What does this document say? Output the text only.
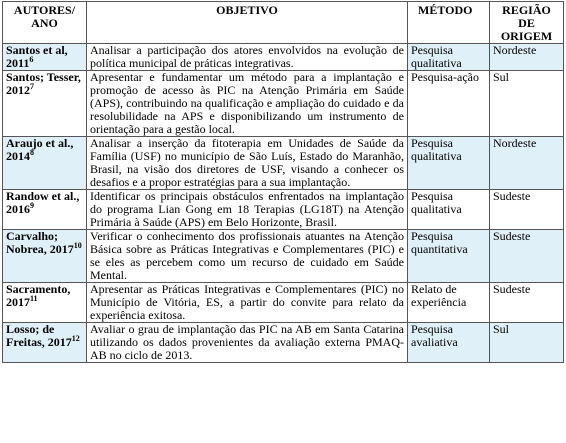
AUTORES/ ANO	OBJETIVO	MÉTODO	REGIÃO DE ORIGEM
Santos et al, 2011$^6$	Analisar a participação dos atores envolvidos na evolução de política municipal de práticas integrativas.	Pesquisa qualitativa	Nordeste
Santos; Tesser, 2012$^7$	Apresentar e fundamentar um método para a implantação e promoção de acesso às PIC na Atenção Primária em Saúde (APS), contribuindo na qualificação e ampliação do cuidado e da resolubilidade na APS e disponibilizando um instrumento de orientação para a gestão local.	Pesquisa-ação	Sul
Araujo et al., 2014$^8$	Analisar a inserção da fitoterapia em Unidades de Saúde da Família (USF) no município de São Luís, Estado do Maranhão, Brasil, na visão dos diretores de USF, visando a conhecer os desafios e a propor estratégias para a sua implantação.	Pesquisa qualitativa	Nordeste
Randow et al., 2016$^9$	Identificar os principais obstáculos enfrentados na implantação do programa Lian Gong em 18 Terapias (LG18T) na Atenção Primária à Saúde (APS) em Belo Horizonte, Brasil.	Pesquisa qualitativa	Sudeste
Carvalho; Nobrea, 2017$^{10}$	Verificar o conhecimento dos profissionais atuantes na Atenção Básica sobre as Práticas Integrativas e Complementares (PIC) e se eles as percebem como um recurso de cuidado em Saúde Mental.	Pesquisa quantitativa	Sudeste
Sacramento, 2017$^{11}$	Apresentar as Práticas Integrativas e Complementares (PIC) no Município de Vitória, ES, a partir do convite para relato da experiência exitosa.	Relato de experiência	Sudeste
Losso; de Freitas, 2017$^{12}$	Avaliar o grau de implantação das PIC na AB em Santa Catarina utilizando os dados provenientes da avaliação externa PMAQ-AB no ciclo de 2013.	Pesquisa avaliativa	Sul
